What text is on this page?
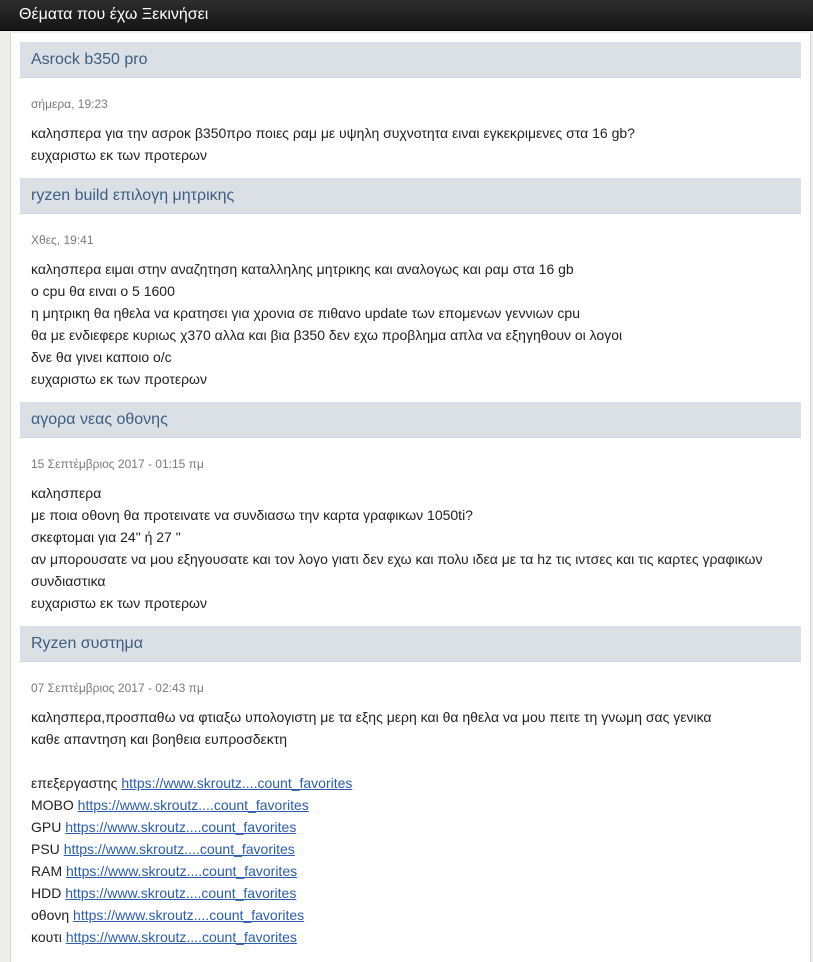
Θέματα που έχω Ξεκινήσει
Asrock b350 pro
σήμερα, 19:23
καλησπερα για την ασροκ β350προ ποιες ραμ με υψηλη συχνοτητα ειναι εγκεκριμενες στα 16 gb?
ευχαριστω εκ των προτερων
ryzen build επιλογη μητρικης
Χθες, 19:41
καλησπερα ειμαι στην αναζητηση καταλληλης μητρικης και αναλογως και ραμ στα 16 gb
ο cpu θα ειναι ο 5 1600
η μητρικη θα ηθελα να κρατησει για χρονια σε πιθανο update των επομενων γεννιων cpu
θα με ενδιεφερε κυριως χ370 αλλα και βια β350 δεν εχω προβλημα απλα να εξηγηθουν οι λογοι
δνε θα γινει καποιο o/c
ευχαριστω εκ των προτερων
αγορα νεας οθονης
15 Σεπτέμβριος 2017 - 01:15 πμ
καλησπερα
με ποια οθονη θα προτεινατε να συνδιασω την καρτα γραφικων 1050ti?
σκεφτομαι για 24" ή 27 "
αν μπορουσατε να μου εξηγουσατε και τον λογο γιατι δεν εχω και πολυ ιδεα με τα hz τις ιντσες και τις καρτες γραφικων
συνδιαστικα
ευχαριστω εκ των προτερων
Ryzen συστημα
07 Σεπτέμβριος 2017 - 02:43 πμ
καλησπερα,προσπαθω να φτιαξω υπολογιστη με τα εξης μερη και θα ηθελα να μου πειτε τη γνωμη σας γενικα
καθε απαντηση και βοηθεια ευπροσδεκτη
επεξεργαστης https://www.skroutz....count_favorites
MOBO https://www.skroutz....count_favorites
GPU https://www.skroutz....count_favorites
PSU https://www.skroutz....count_favorites
RAM https://www.skroutz....count_favorites
HDD https://www.skroutz....count_favorites
οθονη https://www.skroutz....count_favorites
κουτι https://www.skroutz....count_favorites
